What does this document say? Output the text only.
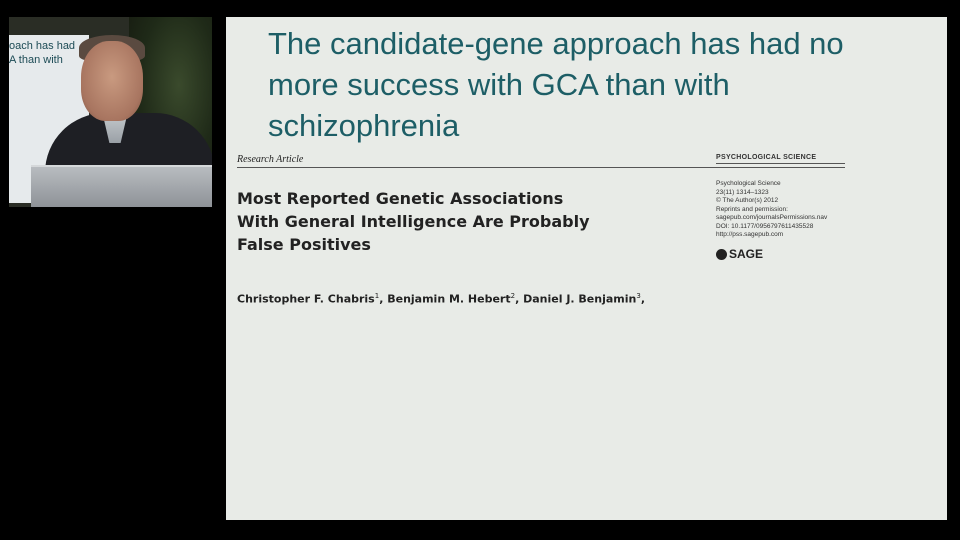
oach has had
A than with	The candidate-gene approach has had no more success with GCA than with schizophrenia
Research Article	PSYCHOLOGICAL SCIENCE
Psychological Science
23(11) 1314–1323
© The Author(s) 2012
Reprints and permission:
sagepub.com/journalsPermissions.nav
DOI: 10.1177/0956797611435528
http://pss.sagepub.com
SAGE
Most Reported Genetic Associations
With General Intelligence Are Probably
False Positives
Christopher F. Chabris$^1$, Benjamin M. Hebert$^2$, Daniel J. Benjamin$^3$,
